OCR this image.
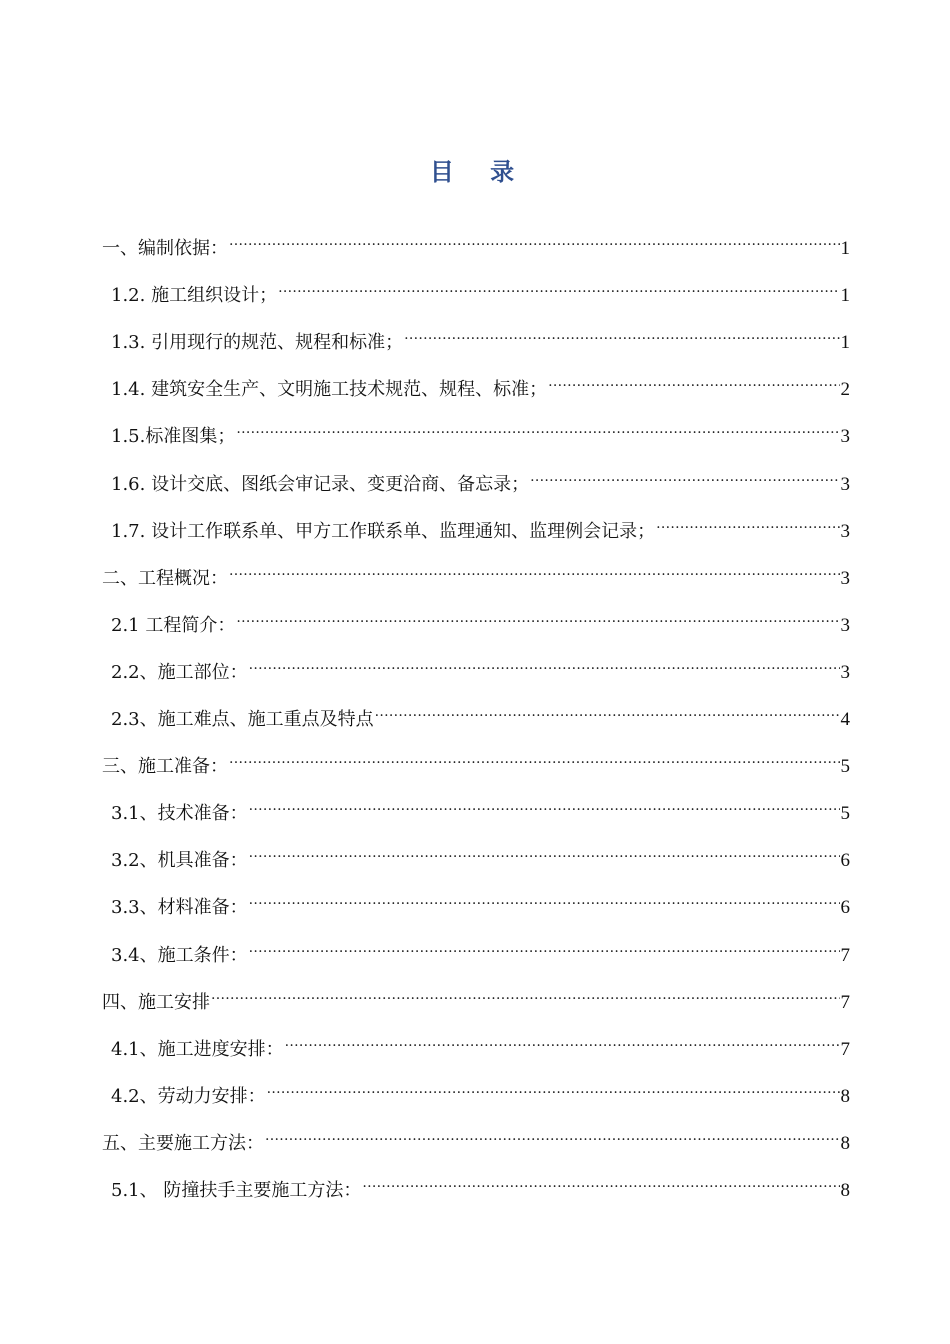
目 录
一、编制依据： .....	1
1.2. 施工组织设计； .....	1
1.3. 引用现行的规范、规程和标准； .....	1
1.4. 建筑安全生产、文明施工技术规范、规程、标准； .....	2
1.5.标准图集； .....	3
1.6. 设计交底、图纸会审记录、变更洽商、备忘录； .....	3
1.7. 设计工作联系单、甲方工作联系单、监理通知、监理例会记录； .....	3
二、工程概况： .....	3
2.1 工程简介： .....	3
2.2、施工部位： .....	3
2.3、施工难点、施工重点及特点 .....	4
三、施工准备： .....	5
3.1、技术准备： .....	5
3.2、机具准备： .....	6
3.3、材料准备： .....	6
3.4、施工条件： .....	7
四、施工安排 .....	7
4.1、施工进度安排： .....	7
4.2、劳动力安排： .....	8
五、主要施工方法： .....	8
5.1、 防撞扶手主要施工方法： .....	8
